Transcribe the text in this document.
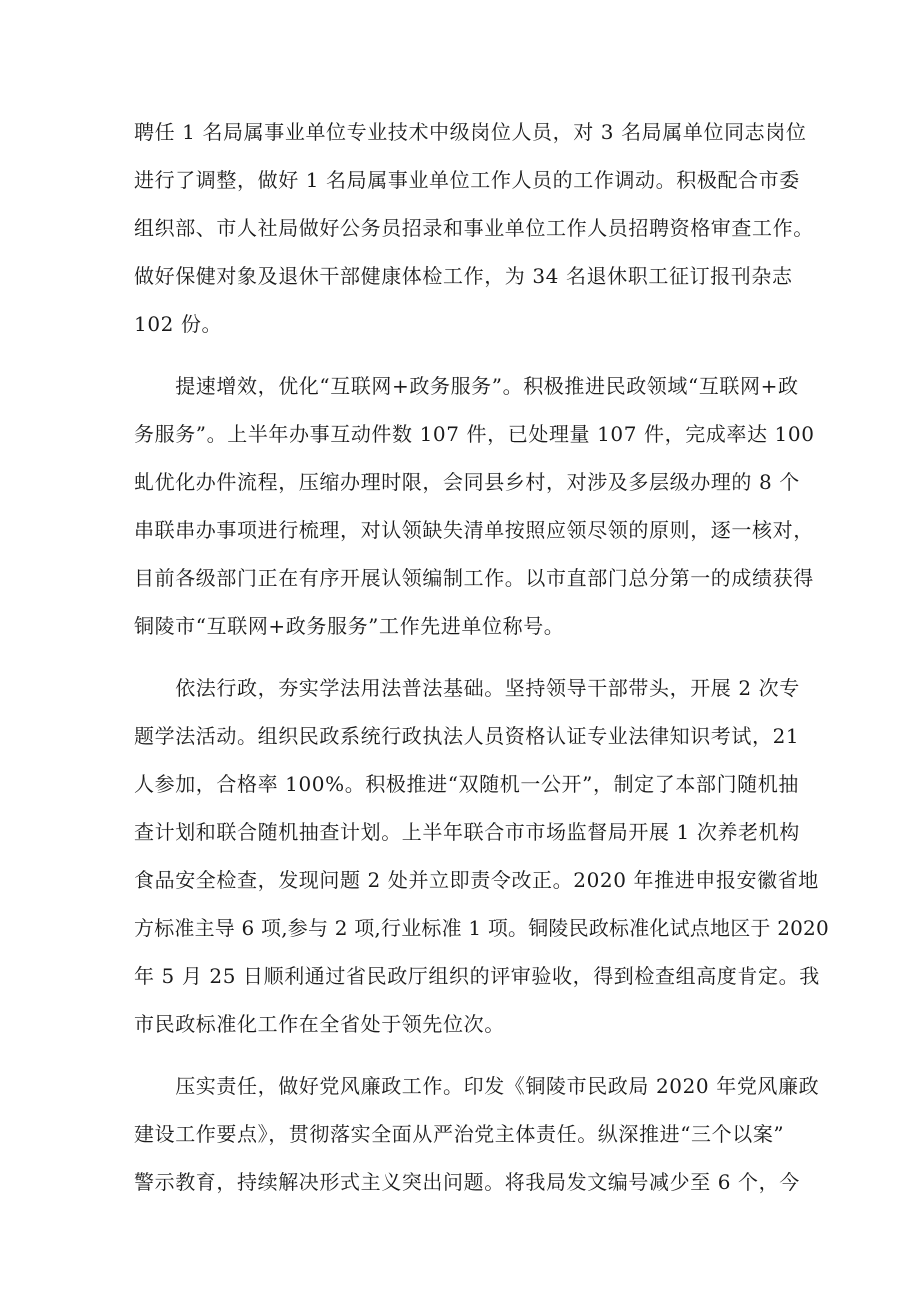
聘任 1 名局属事业单位专业技术中级岗位人员，对 3 名局属单位同志岗位
进行了调整，做好 1 名局属事业单位工作人员的工作调动。积极配合市委
组织部、市人社局做好公务员招录和事业单位工作人员招聘资格审查工作。
做好保健对象及退休干部健康体检工作，为 34 名退休职工征订报刊杂志
102 份。
　　提速增效，优化“互联网+政务服务”。积极推进民政领域“互联网+政
务服务”。上半年办事互动件数 107 件，已处理量 107 件，完成率达 100
虬优化办件流程，压缩办理时限，会同县乡村，对涉及多层级办理的 8 个
串联串办事项进行梳理，对认领缺失清单按照应领尽领的原则，逐一核对，
目前各级部门正在有序开展认领编制工作。以市直部门总分第一的成绩获得
铜陵市“互联网+政务服务”工作先进单位称号。
　　依法行政，夯实学法用法普法基础。坚持领导干部带头，开展 2 次专
题学法活动。组织民政系统行政执法人员资格认证专业法律知识考试，21
人参加，合格率 100%。积极推进“双随机一公开”，制定了本部门随机抽
查计划和联合随机抽查计划。上半年联合市市场监督局开展 1 次养老机构
食品安全检查，发现问题 2 处并立即责令改正。2020 年推进申报安徽省地
方标准主导 6 项,参与 2 项,行业标准 1 项。铜陵民政标准化试点地区于 2020
年 5 月 25 日顺利通过省民政厅组织的评审验收，得到检查组高度肯定。我
市民政标准化工作在全省处于领先位次。
　　压实责任，做好党风廉政工作。印发《铜陵市民政局 2020 年党风廉政
建设工作要点》，贯彻落实全面从严治党主体责任。纵深推进“三个以案”
警示教育，持续解决形式主义突出问题。将我局发文编号减少至 6 个，今
